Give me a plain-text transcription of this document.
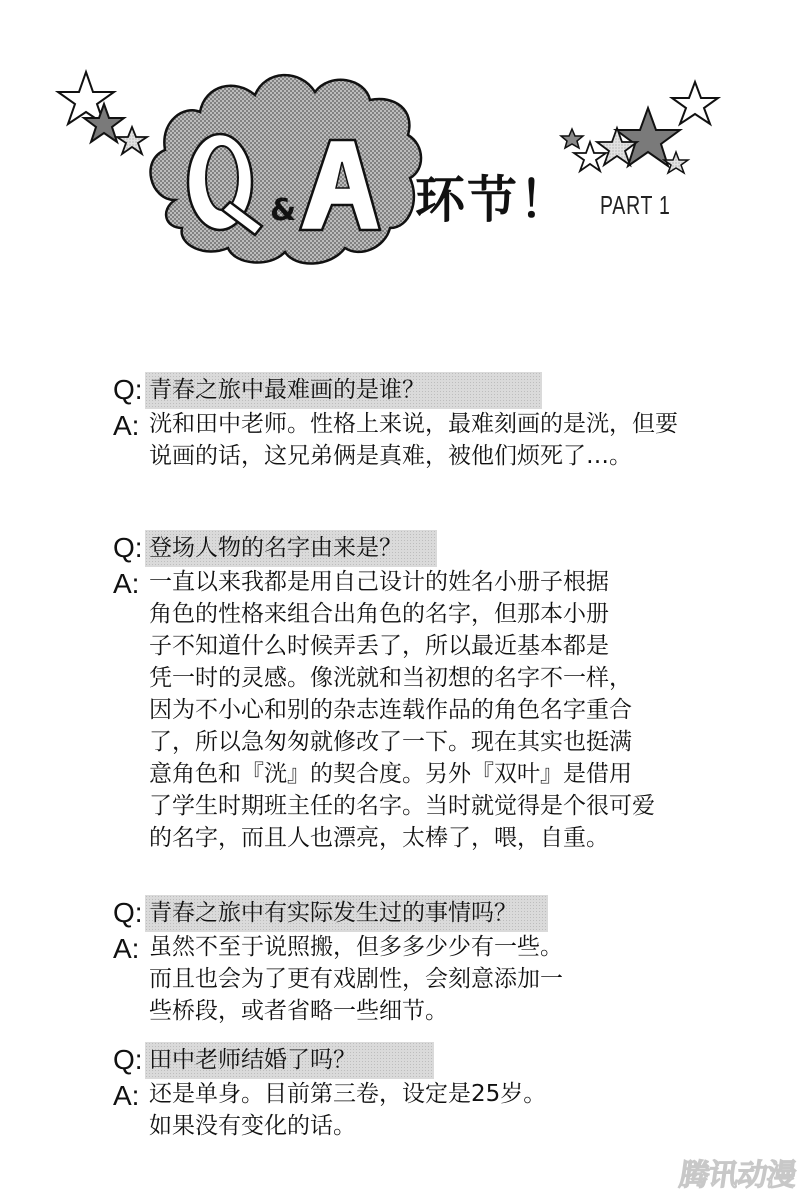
& 环节！ PART 1
Q: 青春之旅中最难画的是谁？
A: 洸和田中老师。性格上来说，最难刻画的是洸，但要
说画的话，这兄弟俩是真难，被他们烦死了…。
Q: 登场人物的名字由来是？
A: 一直以来我都是用自己设计的姓名小册子根据
角色的性格来组合出角色的名字，但那本小册
子不知道什么时候弄丢了，所以最近基本都是
凭一时的灵感。像洸就和当初想的名字不一样，
因为不小心和别的杂志连载作品的角色名字重合
了，所以急匆匆就修改了一下。现在其实也挺满
意角色和『洸』的契合度。另外『双叶』是借用
了学生时期班主任的名字。当时就觉得是个很可爱
的名字，而且人也漂亮，太棒了，喂，自重。
Q: 青春之旅中有实际发生过的事情吗？
A: 虽然不至于说照搬，但多多少少有一些。
而且也会为了更有戏剧性，会刻意添加一
些桥段，或者省略一些细节。
Q: 田中老师结婚了吗？
A: 还是单身。目前第三卷，设定是25岁。
如果没有变化的话。
腾讯动漫
